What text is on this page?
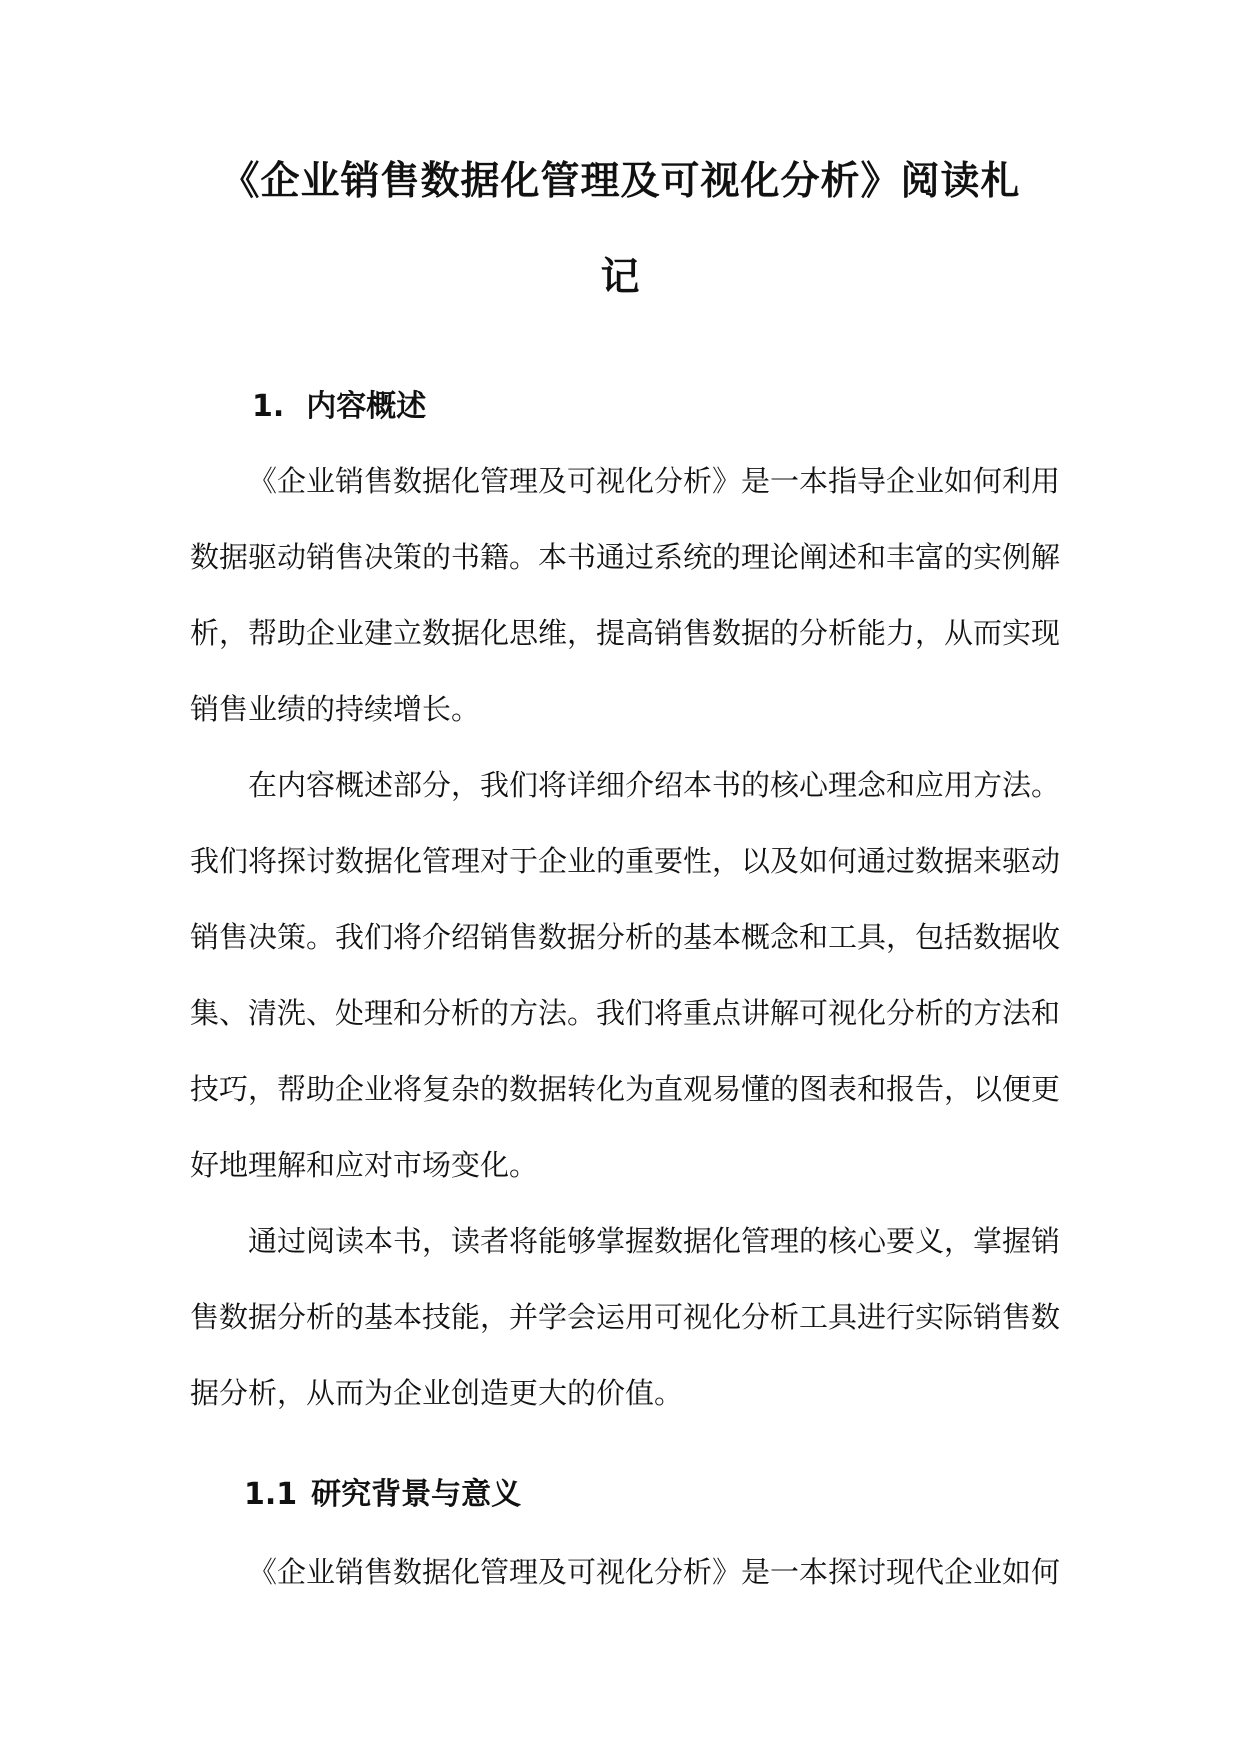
《企业销售数据化管理及可视化分析》阅读札
记
1. 内容概述
《企业销售数据化管理及可视化分析》是一本指导企业如何利用
数据驱动销售决策的书籍。本书通过系统的理论阐述和丰富的实例解
析，帮助企业建立数据化思维，提高销售数据的分析能力，从而实现
销售业绩的持续增长。
在内容概述部分，我们将详细介绍本书的核心理念和应用方法。
我们将探讨数据化管理对于企业的重要性，以及如何通过数据来驱动
销售决策。我们将介绍销售数据分析的基本概念和工具，包括数据收
集、清洗、处理和分析的方法。我们将重点讲解可视化分析的方法和
技巧，帮助企业将复杂的数据转化为直观易懂的图表和报告，以便更
好地理解和应对市场变化。
通过阅读本书，读者将能够掌握数据化管理的核心要义，掌握销
售数据分析的基本技能，并学会运用可视化分析工具进行实际销售数
据分析，从而为企业创造更大的价值。
1.1 研究背景与意义
《企业销售数据化管理及可视化分析》是一本探讨现代企业如何
